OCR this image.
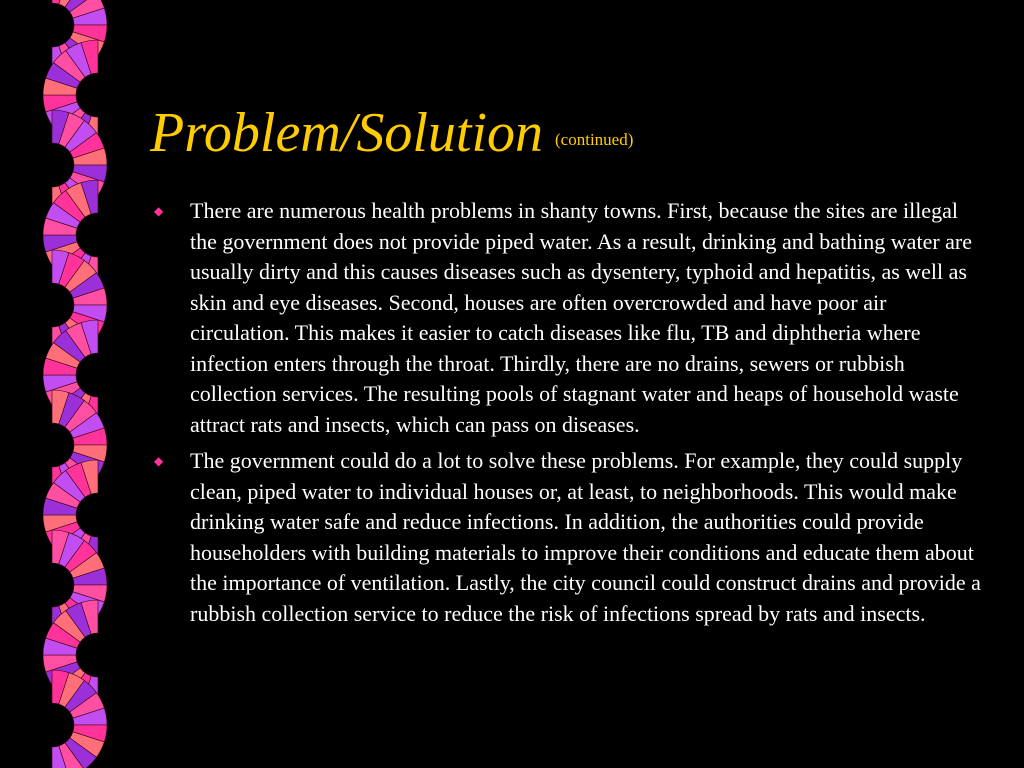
Problem/Solution $^{(continued)}$
◆ There are numerous health problems in shanty towns. First, because the sites are illegal the government does not provide piped water. As a result, drinking and bathing water are usually dirty and this causes diseases such as dysentery, typhoid and hepatitis, as well as skin and eye diseases. Second, houses are often overcrowded and have poor air circulation. This makes it easier to catch diseases like flu, TB and diphtheria where infection enters through the throat. Thirdly, there are no drains, sewers or rubbish collection services. The resulting pools of stagnant water and heaps of household waste attract rats and insects, which can pass on diseases.
◆ The government could do a lot to solve these problems. For example, they could supply clean, piped water to individual houses or, at least, to neighborhoods. This would make drinking water safe and reduce infections. In addition, the authorities could provide householders with building materials to improve their conditions and educate them about the importance of ventilation. Lastly, the city council could construct drains and provide a rubbish collection service to reduce the risk of infections spread by rats and insects.
